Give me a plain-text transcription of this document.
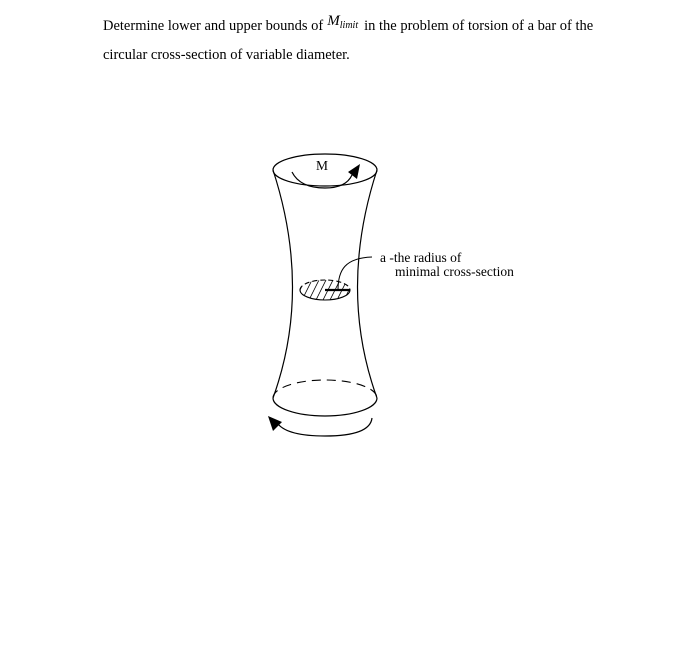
Determine lower and upper bounds of $M_{limit}$ in the problem of torsion of a bar of the
circular cross-section of variable diameter.
M
a -the radius of
minimal cross-section
